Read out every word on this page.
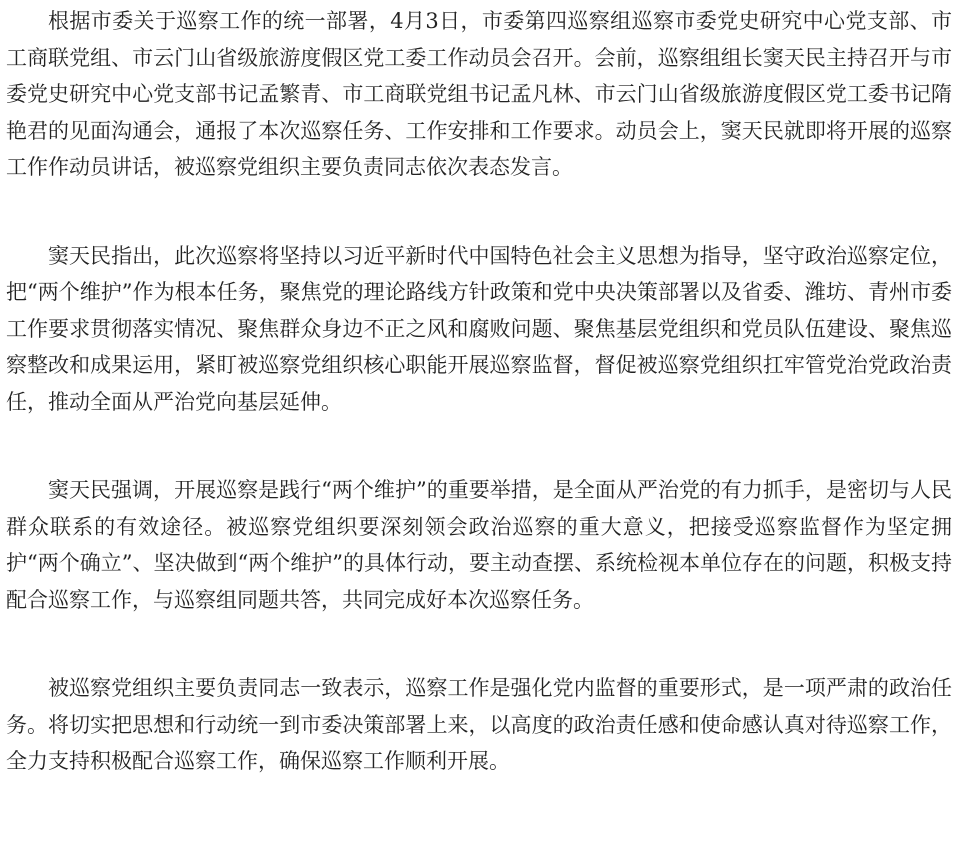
根据市委关于巡察工作的统一部署，4月3日，市委第四巡察组巡察市委党史研究中心党支部、市工商联党组、市云门山省级旅游度假区党工委工作动员会召开。会前，巡察组组长窦天民主持召开与市委党史研究中心党支部书记孟繁青、市工商联党组书记孟凡林、市云门山省级旅游度假区党工委书记隋艳君的见面沟通会，通报了本次巡察任务、工作安排和工作要求。动员会上，窦天民就即将开展的巡察工作作动员讲话，被巡察党组织主要负责同志依次表态发言。

窦天民指出，此次巡察将坚持以习近平新时代中国特色社会主义思想为指导，坚守政治巡察定位，把“两个维护”作为根本任务，聚焦党的理论路线方针政策和党中央决策部署以及省委、潍坊、青州市委工作要求贯彻落实情况、聚焦群众身边不正之风和腐败问题、聚焦基层党组织和党员队伍建设、聚焦巡察整改和成果运用，紧盯被巡察党组织核心职能开展巡察监督，督促被巡察党组织扛牢管党治党政治责任，推动全面从严治党向基层延伸。

窦天民强调，开展巡察是践行“两个维护”的重要举措，是全面从严治党的有力抓手，是密切与人民群众联系的有效途径。被巡察党组织要深刻领会政治巡察的重大意义，把接受巡察监督作为坚定拥护“两个确立”、坚决做到“两个维护”的具体行动，要主动查摆、系统检视本单位存在的问题，积极支持配合巡察工作，与巡察组同题共答，共同完成好本次巡察任务。

被巡察党组织主要负责同志一致表示，巡察工作是强化党内监督的重要形式，是一项严肃的政治任务。将切实把思想和行动统一到市委决策部署上来，以高度的政治责任感和使命感认真对待巡察工作，全力支持积极配合巡察工作，确保巡察工作顺利开展。
